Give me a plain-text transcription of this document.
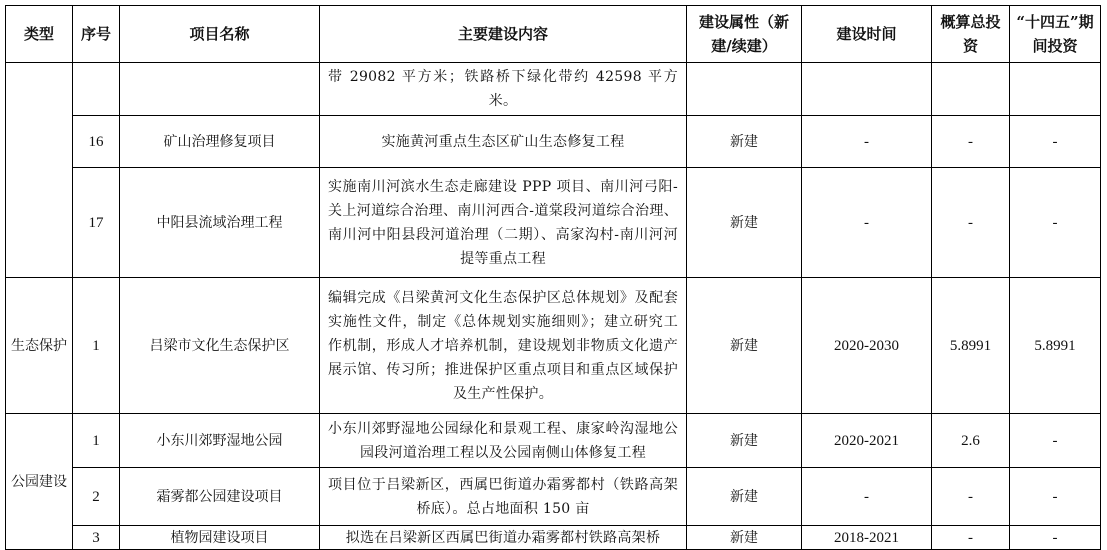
类型	序号	项目名称	主要建设内容	建设属性（新建/续建）	建设时间	概算总投资	“十四五”期间投资
			带 29082 平方米；铁路桥下绿化带约 42598 平方米。				
	16	矿山治理修复项目	实施黄河重点生态区矿山生态修复工程	新建	-	-	-
	17	中阳县流域治理工程	实施南川河滨水生态走廊建设 PPP 项目、南川河弓阳-关上河道综合治理、南川河西合-道棠段河道综合治理、南川河中阳县段河道治理（二期）、高家沟村-南川河河提等重点工程	新建	-	-	-
生态保护	1	吕梁市文化生态保护区	编辑完成《吕梁黄河文化生态保护区总体规划》及配套实施性文件，制定《总体规划实施细则》；建立研究工作机制，形成人才培养机制，建设规划非物质文化遗产展示馆、传习所；推进保护区重点项目和重点区域保护及生产性保护。	新建	2020-2030	5.8991	5.8991
公园建设	1	小东川郊野湿地公园	小东川郊野湿地公园绿化和景观工程、康家岭沟湿地公园段河道治理工程以及公园南侧山体修复工程	新建	2020-2021	2.6	-
	2	霜雾都公园建设项目	项目位于吕梁新区，西属巴街道办霜雾都村（铁路高架桥底）。总占地面积 150 亩	新建	-	-	-
	3	植物园建设项目	拟选在吕梁新区西属巴街道办霜雾都村铁路高架桥	新建	2018-2021	-	-
